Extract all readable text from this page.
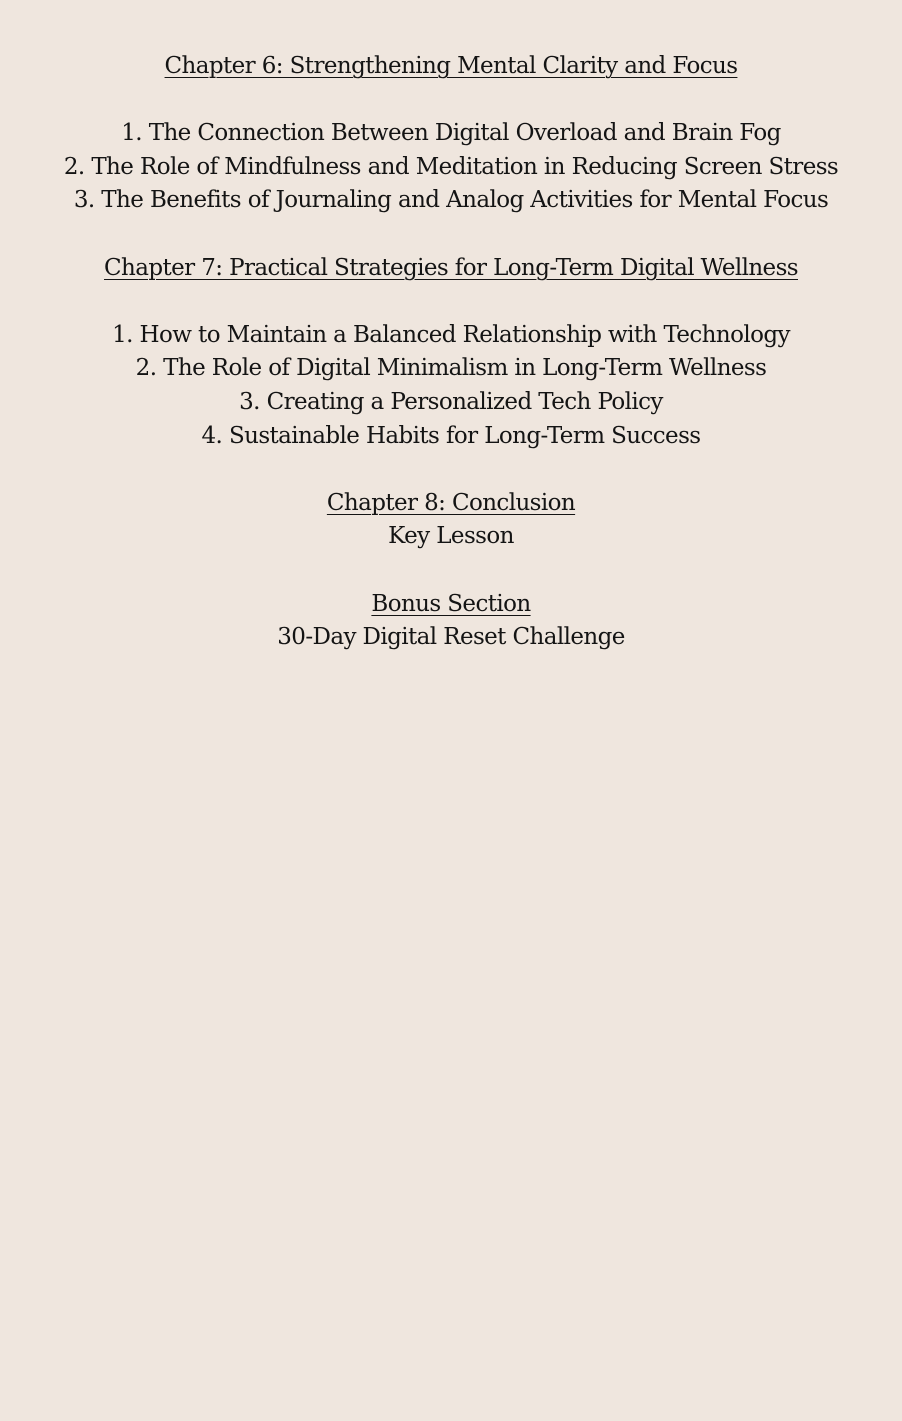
Chapter 6: Strengthening Mental Clarity and Focus
1. The Connection Between Digital Overload and Brain Fog
2. The Role of Mindfulness and Meditation in Reducing Screen Stress
3. The Benefits of Journaling and Analog Activities for Mental Focus
Chapter 7: Practical Strategies for Long-Term Digital Wellness
1. How to Maintain a Balanced Relationship with Technology
2. The Role of Digital Minimalism in Long-Term Wellness
3. Creating a Personalized Tech Policy
4. Sustainable Habits for Long-Term Success
Chapter 8: Conclusion
Key Lesson
Bonus Section
30-Day Digital Reset Challenge
